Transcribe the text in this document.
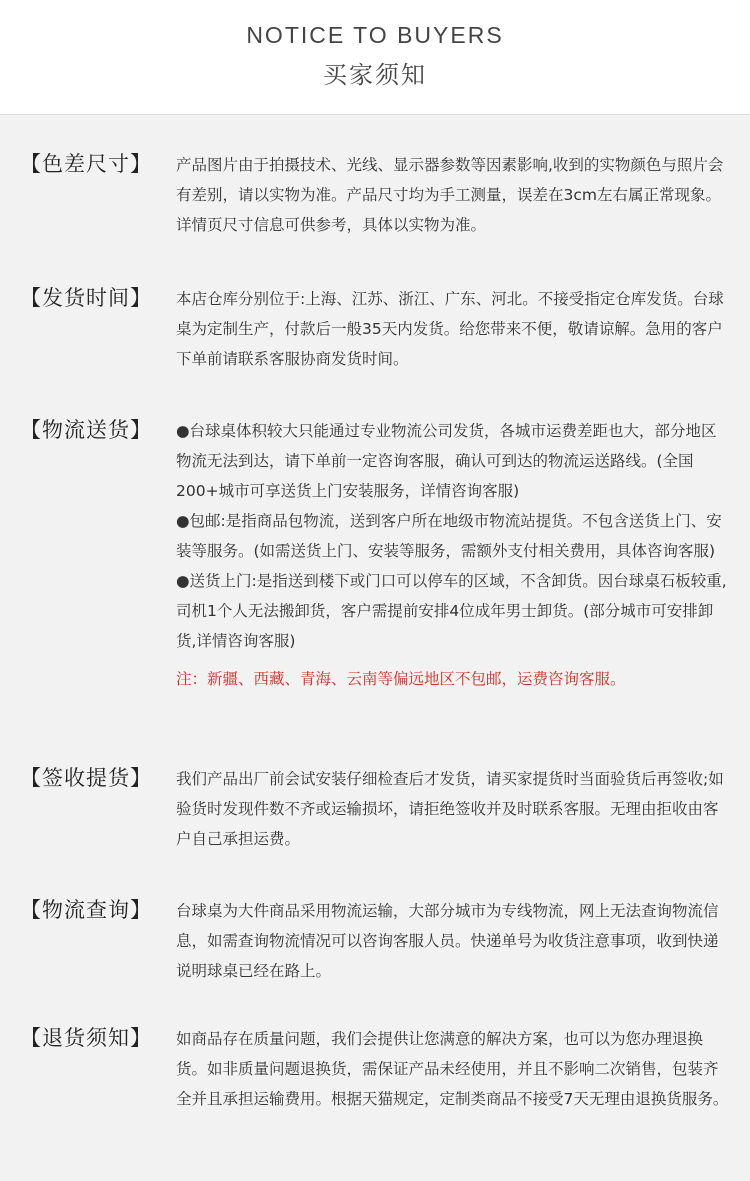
NOTICE TO BUYERS
买家须知
【色差尺寸】 产品图片由于拍摄技术、光线、显示器参数等因素影响,收到的实物颜色与照片会有差别，请以实物为准。产品尺寸均为手工测量，误差在3cm左右属正常现象。详情页尺寸信息可供参考，具体以实物为准。

【发货时间】 本店仓库分别位于:上海、江苏、浙江、广东、河北。不接受指定仓库发货。台球桌为定制生产，付款后一般35天内发货。给您带来不便，敬请谅解。急用的客户下单前请联系客服协商发货时间。

【物流送货】 ●台球桌体积较大只能通过专业物流公司发货，各城市运费差距也大，部分地区物流无法到达，请下单前一定咨询客服，确认可到达的物流运送路线。(全国200+城市可享送货上门安装服务，详情咨询客服)

●包邮:是指商品包物流，送到客户所在地级市物流站提货。不包含送货上门、安装等服务。(如需送货上门、安装等服务，需额外支付相关费用，具体咨询客服)

●送货上门:是指送到楼下或门口可以停车的区域，不含卸货。因台球桌石板较重,司机1个人无法搬卸货，客户需提前安排4位成年男士卸货。(部分城市可安排卸货,详情咨询客服)

注：新疆、西藏、青海、云南等偏远地区不包邮，运费咨询客服。

【签收提货】 我们产品出厂前会试安装仔细检查后才发货，请买家提货时当面验货后再签收;如验货时发现件数不齐或运输损坏，请拒绝签收并及时联系客服。无理由拒收由客户自己承担运费。

【物流查询】 台球桌为大件商品采用物流运输，大部分城市为专线物流，网上无法查询物流信息，如需查询物流情况可以咨询客服人员。快递单号为收货注意事项，收到快递说明球桌已经在路上。

【退货须知】 如商品存在质量问题，我们会提供让您满意的解决方案，也可以为您办理退换货。如非质量问题退换货，需保证产品未经使用，并且不影响二次销售，包装齐全并且承担运输费用。根据天猫规定，定制类商品不接受7天无理由退换货服务。
